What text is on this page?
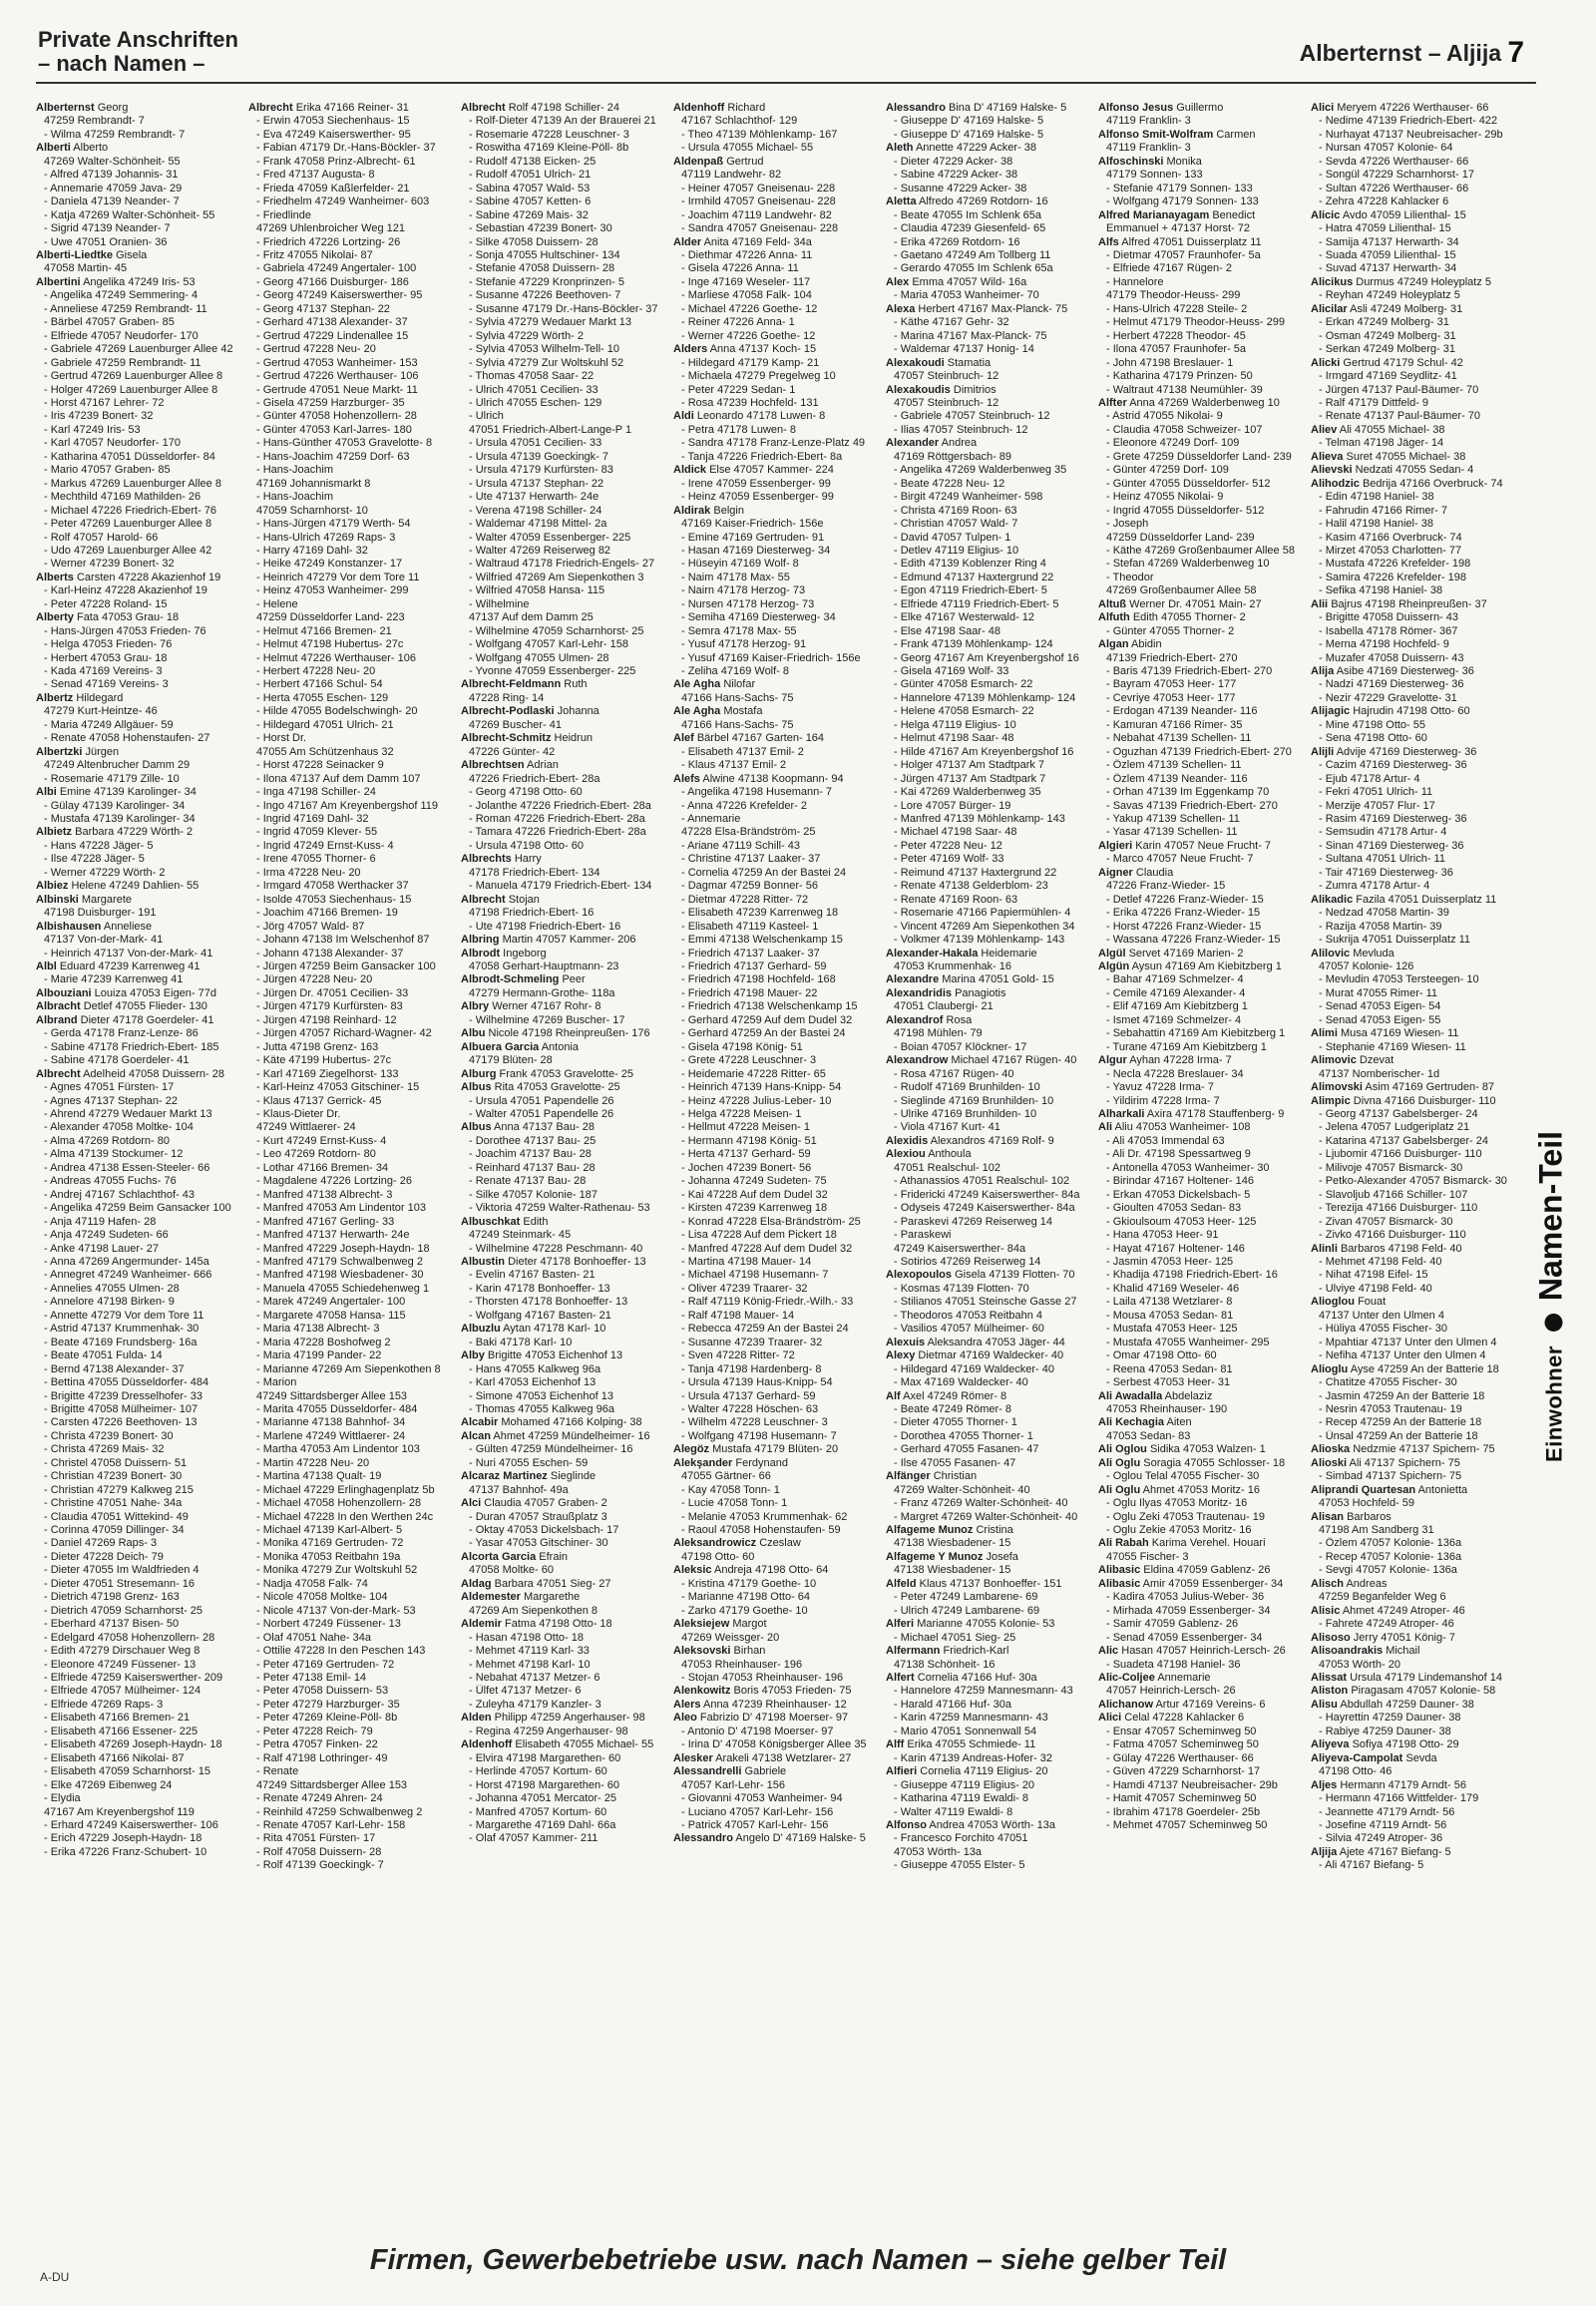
Private Anschriften
– nach Namen –	Alberternst – Aljija 7
Alberternst Georg
47259 Rembrandt- 7
- Wilma 47259 Rembrandt- 7
Alberti Alberto
47269 Walter-Schönheit- 55
- Alfred 47139 Johannis- 31
- Annemarie 47059 Java- 29
- Daniela 47139 Neander- 7
- Katja 47269 Walter-Schönheit- 55
- Sigrid 47139 Neander- 7
- Uwe 47051 Oranien- 36
Alberti-Liedtke Gisela
47058 Martin- 45
Albertini Angelika 47249 Iris- 53
- Angelika 47249 Semmering- 4
- Anneliese 47259 Rembrandt- 11
- Bärbel 47057 Graben- 85
- Elfriede 47057 Neudorfer- 170
- Gabriele 47269 Lauenburger Allee 42
- Gabriele 47259 Rembrandt- 11
- Gertrud 47269 Lauenburger Allee 8
- Holger 47269 Lauenburger Allee 8
- Horst 47167 Lehrer- 72
- Iris 47239 Bonert- 32
- Karl 47249 Iris- 53
- Karl 47057 Neudorfer- 170
- Katharina 47051 Düsseldorfer- 84
- Mario 47057 Graben- 85
- Markus 47269 Lauenburger Allee 8
- Mechthild 47169 Mathilden- 26
- Michael 47226 Friedrich-Ebert- 76
- Peter 47269 Lauenburger Allee 8
- Rolf 47057 Harold- 66
- Udo 47269 Lauenburger Allee 42
- Werner 47239 Bonert- 32
Alberts Carsten 47228 Akazienhof 19
- Karl-Heinz 47228 Akazienhof 19
- Peter 47228 Roland- 15
Alberty Fata 47053 Grau- 18
- Hans-Jürgen 47053 Frieden- 76
- Helga 47053 Frieden- 76
- Herbert 47053 Grau- 18
- Kada 47169 Vereins- 3
- Senad 47169 Vereins- 3
Albertz Hildegard
47279 Kurt-Heintze- 46
- Maria 47249 Allgäuer- 59
- Renate 47058 Hohenstaufen- 27
Albertzki Jürgen
47249 Altenbrucher Damm 29
- Rosemarie 47179 Zille- 10
Albi Emine 47139 Karolinger- 34
- Gülay 47139 Karolinger- 34
- Mustafa 47139 Karolinger- 34
Albietz Barbara 47229 Wörth- 2
- Hans 47228 Jäger- 5
- Ilse 47228 Jäger- 5
- Werner 47229 Wörth- 2
Albiez Helene 47249 Dahlien- 55
Albinski Margarete
47198 Duisburger- 191
Albishausen Anneliese
47137 Von-der-Mark- 41
- Heinrich 47137 Von-der-Mark- 41
Albl Eduard 47239 Karrenweg 41
- Marie 47239 Karrenweg 41
Albouziani Louiza 47053 Eigen- 77d
Albracht Detlef 47055 Flieder- 130
Albrand Dieter 47178 Goerdeler- 41
- Gerda 47178 Franz-Lenze- 86
- Sabine 47178 Friedrich-Ebert- 185
- Sabine 47178 Goerdeler- 41
Albrecht Adelheid 47058 Duissern- 28
- Agnes 47051 Fürsten- 17
- Agnes 47137 Stephan- 22
- Ahrend 47279 Wedauer Markt 13
- Alexander 47058 Moltke- 104
- Alma 47269 Rotdorn- 80
- Alma 47139 Stockumer- 12
- Andrea 47138 Essen-Steeler- 66
- Andreas 47055 Fuchs- 76
- Andrej 47167 Schlachthof- 43
- Angelika 47259 Beim Gansacker 100
- Anja 47119 Hafen- 28
- Anja 47249 Sudeten- 66
- Anke 47198 Lauer- 27
- Anna 47269 Angermunder- 145a
- Annegret 47249 Wanheimer- 666
- Annelies 47055 Ulmen- 28
- Annelore 47198 Birken- 9
- Annette 47279 Vor dem Tore 11
- Astrid 47137 Krummenhak- 30
- Beate 47169 Frundsberg- 16a
- Beate 47051 Fulda- 14
- Bernd 47138 Alexander- 37
- Bettina 47055 Düsseldorfer- 484
- Brigitte 47239 Dresselhofer- 33
- Brigitte 47058 Mülheimer- 107
- Carsten 47226 Beethoven- 13
- Christa 47239 Bonert- 30
- Christa 47269 Mais- 32
- Christel 47058 Duissern- 51
- Christian 47239 Bonert- 30
- Christian 47279 Kalkweg 215
- Christine 47051 Nahe- 34a
- Claudia 47051 Wittekind- 49
- Corinna 47059 Dillinger- 34
- Daniel 47269 Raps- 3
- Dieter 47228 Deich- 79
- Dieter 47055 Im Waldfrieden 4
- Dieter 47051 Stresemann- 16
- Dietrich 47198 Grenz- 163
- Dietrich 47059 Scharnhorst- 25
- Eberhard 47137 Bisen- 50
- Edelgard 47058 Hohenzollern- 28
- Edith 47279 Dirschauer Weg 8
- Eleonore 47249 Füssener- 13
- Elfriede 47259 Kaiserswerther- 209
- Elfriede 47057 Mülheimer- 124
- Elfriede 47269 Raps- 3
- Elisabeth 47166 Bremen- 21
- Elisabeth 47166 Essener- 225
- Elisabeth 47269 Joseph-Haydn- 18
- Elisabeth 47166 Nikolai- 87
- Elisabeth 47059 Scharnhorst- 15
- Elke 47269 Eibenweg 24
- Elydia
47167 Am Kreyenbergshof 119
- Erhard 47249 Kaiserswerther- 106
- Erich 47229 Joseph-Haydn- 18
- Erika 47226 Franz-Schubert- 10
Albrecht Erika 47166 Reiner- 31
- Erwin 47053 Siechenhaus- 15
- Eva 47249 Kaiserswerther- 95
- Fabian 47179 Dr.-Hans-Böckler- 37
- Frank 47058 Prinz-Albrecht- 61
- Fred 47137 Augusta- 8
- Frieda 47059 Kaßlerfelder- 21
- Friedhelm 47249 Wanheimer- 603
- Friedlinde
47269 Uhlenbroicher Weg 121
- Friedrich 47226 Lortzing- 26
- Fritz 47055 Nikolai- 87
- Gabriela 47249 Angertaler- 100
- Georg 47166 Duisburger- 186
- Georg 47249 Kaiserswerther- 95
- Georg 47137 Stephan- 22
- Gerhard 47138 Alexander- 37
- Gertrud 47229 Lindenallee 15
- Gertrud 47228 Neu- 20
- Gertrud 47053 Wanheimer- 153
- Gertrud 47226 Werthauser- 106
- Gertrude 47051 Neue Markt- 11
- Gisela 47259 Harzburger- 35
- Günter 47058 Hohenzollern- 28
- Günter 47053 Karl-Jarres- 180
- Hans-Günther 47053 Gravelotte- 8
- Hans-Joachim 47259 Dorf- 63
- Hans-Joachim
47169 Johannismarkt 8
- Hans-Joachim
47059 Scharnhorst- 10
- Hans-Jürgen 47179 Werth- 54
- Hans-Ulrich 47269 Raps- 3
- Harry 47169 Dahl- 32
- Heike 47249 Konstanzer- 17
- Heinrich 47279 Vor dem Tore 11
- Heinz 47053 Wanheimer- 299
- Helene
47259 Düsseldorfer Land- 223
- Helmut 47166 Bremen- 21
- Helmut 47198 Hubertus- 27c
- Helmut 47226 Werthauser- 106
- Herbert 47228 Neu- 20
- Herbert 47166 Schul- 54
- Herta 47055 Eschen- 129
- Hilde 47055 Bodelschwingh- 20
- Hildegard 47051 Ulrich- 21
- Horst Dr.
47055 Am Schützenhaus 32
- Horst 47228 Seinacker 9
- Ilona 47137 Auf dem Damm 107
- Inga 47198 Schiller- 24
- Ingo 47167 Am Kreyenbergshof 119
- Ingrid 47169 Dahl- 32
- Ingrid 47059 Klever- 55
- Ingrid 47249 Ernst-Kuss- 4
- Irene 47055 Thorner- 6
- Irma 47228 Neu- 20
- Irmgard 47058 Werthacker 37
- Isolde 47053 Siechenhaus- 15
- Joachim 47166 Bremen- 19
- Jörg 47057 Wald- 87
- Johann 47138 Im Welschenhof 87
- Johann 47138 Alexander- 37
- Jürgen 47259 Beim Gansacker 100
- Jürgen 47228 Neu- 20
- Jürgen Dr. 47051 Cecilien- 33
- Jürgen 47179 Kurfürsten- 83
- Jürgen 47198 Reinhard- 12
- Jürgen 47057 Richard-Wagner- 42
- Jutta 47198 Grenz- 163
- Käte 47199 Hubertus- 27c
- Karl 47169 Ziegelhorst- 133
- Karl-Heinz 47053 Gitschiner- 15
- Klaus 47137 Gerrick- 45
- Klaus-Dieter Dr.
47249 Wittlaerer- 24
- Kurt 47249 Ernst-Kuss- 4
- Leo 47269 Rotdorn- 80
- Lothar 47166 Bremen- 34
- Magdalene 47226 Lortzing- 26
- Manfred 47138 Albrecht- 3
- Manfred 47053 Am Lindentor 103
- Manfred 47167 Gerling- 33
- Manfred 47137 Herwarth- 24e
- Manfred 47229 Joseph-Haydn- 18
- Manfred 47179 Schwalbenweg 2
- Manfred 47198 Wiesbadener- 30
- Manuela 47055 Schiedehenweg 1
- Marek 47249 Angertaler- 100
- Margarete 47058 Hansa- 115
- Maria 47138 Albrecht- 3
- Maria 47228 Boshofweg 2
- Maria 47199 Pander- 22
- Marianne 47269 Am Siepenkothen 8
- Marion
47249 Sittardsberger Allee 153
- Marita 47055 Düsseldorfer- 484
- Marianne 47138 Bahnhof- 34
- Marlene 47249 Wittlaerer- 24
- Martha 47053 Am Lindentor 103
- Martin 47228 Neu- 20
- Martina 47138 Qualt- 19
- Michael 47229 Erlinghagenplatz 5b
- Michael 47058 Hohenzollern- 28
- Michael 47228 In den Werthen 24c
- Michael 47139 Karl-Albert- 5
- Monika 47169 Gertruden- 72
- Monika 47053 Reitbahn 19a
- Monika 47279 Zur Woltskuhl 52
- Nadja 47058 Falk- 74
- Nicole 47058 Moltke- 104
- Nicole 47137 Von-der-Mark- 53
- Norbert 47249 Füssener- 13
- Olaf 47051 Nahe- 34a
- Ottilie 47228 In den Peschen 143
- Peter 47169 Gertruden- 72
- Peter 47138 Emil- 14
- Peter 47058 Duissern- 53
- Peter 47279 Harzburger- 35
- Peter 47269 Kleine-Pöll- 8b
- Peter 47228 Reich- 79
- Petra 47057 Finken- 22
- Ralf 47198 Lothringer- 49
- Renate
47249 Sittardsberger Allee 153
- Renate 47249 Ahren- 24
- Reinhild 47259 Schwalbenweg 2
- Renate 47057 Karl-Lehr- 158
- Rita 47051 Fürsten- 17
- Rolf 47058 Duissern- 28
- Rolf 47139 Goeckingk- 7
Albrecht Rolf 47198 Schiller- 24
- Rolf-Dieter 47139 An der Brauerei 21
- Rosemarie 47228 Leuschner- 3
- Roswitha 47169 Kleine-Pöll- 8b
- Rudolf 47138 Eicken- 25
- Rudolf 47051 Ulrich- 21
- Sabina 47057 Wald- 53
- Sabine 47057 Ketten- 6
- Sabine 47269 Mais- 32
- Sebastian 47239 Bonert- 30
- Silke 47058 Duissern- 28
- Sonja 47055 Hultschiner- 134
- Stefanie 47058 Duissern- 28
- Stefanie 47229 Kronprinzen- 5
- Susanne 47226 Beethoven- 7
- Susanne 47179 Dr.-Hans-Böckler- 37
- Sylvia 47279 Wedauer Markt 13
- Sylvia 47229 Wörth- 2
- Sylvia 47053 Wilhelm-Tell- 10
- Sylvia 47279 Zur Woltskuhl 52
- Thomas 47058 Saar- 22
- Ulrich 47051 Cecilien- 33
- Ulrich 47055 Eschen- 129
- Ulrich
47051 Friedrich-Albert-Lange-P 1
- Ursula 47051 Cecilien- 33
- Ursula 47139 Goeckingk- 7
- Ursula 47179 Kurfürsten- 83
- Ursula 47137 Stephan- 22
- Ute 47137 Herwarth- 24e
- Verena 47198 Schiller- 24
- Waldemar 47198 Mittel- 2a
- Walter 47059 Essenberger- 225
- Walter 47269 Reiserweg 82
- Waltraud 47178 Friedrich-Engels- 27
- Wilfried 47269 Am Siepenkothen 3
- Wilfried 47058 Hansa- 115
- Wilhelmine
47137 Auf dem Damm 25
- Wilhelmine 47059 Scharnhorst- 25
- Wolfgang 47057 Karl-Lehr- 158
- Wolfgang 47055 Ulmen- 28
- Yvonne 47059 Essenberger- 225
Albrecht-Feldmann Ruth
47228 Ring- 14
Albrecht-Podlaski Johanna
47269 Buscher- 41
Albrecht-Schmitz Heidrun
47226 Günter- 42
Albrechtsen Adrian
47226 Friedrich-Ebert- 28a
- Georg 47198 Otto- 60
- Jolanthe 47226 Friedrich-Ebert- 28a
- Roman 47226 Friedrich-Ebert- 28a
- Tamara 47226 Friedrich-Ebert- 28a
- Ursula 47198 Otto- 60
Albrechts Harry
47178 Friedrich-Ebert- 134
- Manuela 47179 Friedrich-Ebert- 134
Albrecht Stojan
47198 Friedrich-Ebert- 16
- Ute 47198 Friedrich-Ebert- 16
Albring Martin 47057 Kammer- 206
Albrodt Ingeborg
47058 Gerhart-Hauptmann- 23
Albrodt-Schmeling Peer
47279 Hermann-Grothe- 118a
Albry Werner 47167 Rohr- 8
- Wilhelmine 47269 Buscher- 17
Albu Nicole 47198 Rheinpreußen- 176
Albuera Garcia Antonia
47179 Blüten- 28
Alburg Frank 47053 Gravelotte- 25
Albus Rita 47053 Gravelotte- 25
- Ursula 47051 Papendelle 26
- Walter 47051 Papendelle 26
Albus Anna 47137 Bau- 28
- Dorothee 47137 Bau- 25
- Joachim 47137 Bau- 28
- Reinhard 47137 Bau- 28
- Renate 47137 Bau- 28
- Silke 47057 Koloniе- 187
- Viktoria 47259 Walter-Rathenau- 53
Albuschkat Edith
47249 Steinmark- 45
- Wilhelmine 47228 Peschmann- 40
Albustin Dieter 47178 Bonhoeffer- 13
- Evelin 47167 Basten- 21
- Karin 47178 Bonhoeffer- 13
- Thorsten 47178 Bonhoeffer- 13
- Wolfgang 47167 Basten- 21
Albuzlu Aytan 47178 Karl- 10
- Baki 47178 Karl- 10
Alby Brigitte 47053 Eichenhof 13
- Hans 47055 Kalkweg 96a
- Karl 47053 Eichenhof 13
- Simone 47053 Eichenhof 13
- Thomas 47055 Kalkweg 96a
Alcabir Mohamed 47166 Kolping- 38
Alcan Ahmet 47259 Mündelheimer- 16
- Gülten 47259 Mündelheimer- 16
- Nuri 47055 Eschen- 59
Alcaraz Martinez Sieglinde
47137 Bahnhof- 49a
Alci Claudia 47057 Graben- 2
- Duran 47057 Straußplatz 3
- Oktay 47053 Dickelsbach- 17
- Yasar 47053 Gitschiner- 30
Alcorta Garcia Efrain
47058 Moltke- 60
Aldag Barbara 47051 Sieg- 27
Aldemester Margarethe
47269 Am Siepenkothen 8
Aldemir Fatma 47198 Otto- 18
- Hasan 47198 Otto- 18
- Mehmet 47119 Karl- 33
- Mehmet 47198 Karl- 10
- Nebahat 47137 Metzer- 6
- Ülfet 47137 Metzer- 6
- Zuleyha 47179 Kanzler- 3
Alden Philipp 47259 Angerhauser- 98
- Regina 47259 Angerhauser- 98
Aldenhoff Elisabeth 47055 Michael- 55
- Elvira 47198 Margarethen- 60
- Herlinde 47057 Kortum- 60
- Horst 47198 Margarethen- 60
- Johanna 47051 Mercator- 25
- Manfred 47057 Kortum- 60
- Margarethe 47169 Dahl- 66a
- Olaf 47057 Kammer- 211
Aldenhoff Richard
47167 Schlachthof- 129
- Theo 47139 Möhlenkamp- 167
- Ursula 47055 Michael- 55
Aldenpaß Gertrud
47119 Landwehr- 82
- Heiner 47057 Gneisenau- 228
- Irmhild 47057 Gneisenau- 228
- Joachim 47119 Landwehr- 82
- Sandra 47057 Gneisenau- 228
Alder Anita 47169 Feld- 34a
- Diethmar 47226 Anna- 11
- Gisela 47226 Anna- 11
- Inge 47169 Weseler- 117
- Marliese 47058 Falk- 104
- Michael 47226 Goethe- 12
- Reiner 47226 Anna- 1
- Werner 47226 Goethe- 12
Alders Anna 47137 Koch- 15
- Hildegard 47179 Kamp- 21
- Michaela 47279 Pregelweg 10
- Peter 47229 Sedan- 1
- Rosa 47239 Hochfeld- 131
Aldi Leonardo 47178 Luwen- 8
- Petra 47178 Luwen- 8
- Sandra 47178 Franz-Lenze-Platz 49
- Tanja 47226 Friedrich-Ebert- 8a
Aldick Else 47057 Kammer- 224
- Irene 47059 Essenberger- 99
- Heinz 47059 Essenberger- 99
Aldirak Belgin
47169 Kaiser-Friedrich- 156e
- Emine 47169 Gertruden- 91
- Hasan 47169 Diesterweg- 34
- Hüseyin 47169 Wolf- 8
- Naim 47178 Max- 55
- Nairn 47178 Herzog- 73
- Nursen 47178 Herzog- 73
- Semiha 47169 Diesterweg- 34
- Semra 47178 Max- 55
- Yusuf 47178 Herzog- 91
- Yusuf 47169 Kaiser-Friedrich- 156e
- Zeliha 47169 Wolf- 8
Ale Agha Nilofar
47166 Hans-Sachs- 75
Ale Agha Mostafa
47166 Hans-Sachs- 75
Alef Bärbel 47167 Garten- 164
- Elisabeth 47137 Emil- 2
- Klaus 47137 Emil- 2
Alefs Alwine 47138 Koopmann- 94
- Angelika 47198 Husemann- 7
- Anna 47226 Krefelder- 2
- Annemarie
47228 Elsa-Brändström- 25
- Ariane 47119 Schill- 43
- Christine 47137 Laaker- 37
- Cornelia 47259 An der Bastei 24
- Dagmar 47259 Bonner- 56
- Dietmar 47228 Ritter- 72
- Elisabeth 47239 Karrenweg 18
- Elisabeth 47119 Kasteel- 1
- Emmi 47138 Welschenkamp 15
- Friedrich 47137 Laaker- 37
- Friedrich 47137 Gerhard- 59
- Friedrich 47198 Hochfeld- 168
- Friedrich 47198 Mauer- 22
- Friedrich 47138 Welschenkamp 15
- Gerhard 47259 Auf dem Dudel 32
- Gerhard 47259 An der Bastei 24
- Gisela 47198 König- 51
- Grete 47228 Leuschner- 3
- Heidemarie 47228 Ritter- 65
- Heinrich 47139 Hans-Knipp- 54
- Heinz 47228 Julius-Leber- 10
- Helga 47228 Meisen- 1
- Hellmut 47228 Meisen- 1
- Hermann 47198 König- 51
- Herta 47137 Gerhard- 59
- Jochen 47239 Bonert- 56
- Johanna 47249 Sudeten- 75
- Kai 47228 Auf dem Dudel 32
- Kirsten 47239 Karrenweg 18
- Konrad 47228 Elsa-Brändström- 25
- Lisa 47228 Auf dem Pickert 18
- Manfred 47228 Auf dem Dudel 32
- Martina 47198 Mauer- 14
- Michael 47198 Husemann- 7
- Oliver 47239 Traarer- 32
- Ralf 47119 König-Friedr.-Wilh.- 33
- Ralf 47198 Mauer- 14
- Rebecca 47259 An der Bastei 24
- Susanne 47239 Traarer- 32
- Sven 47228 Ritter- 72
- Tanja 47198 Hardenberg- 8
- Ursula 47139 Haus-Knipp- 54
- Ursula 47137 Gerhard- 59
- Walter 47228 Höschen- 63
- Wilhelm 47228 Leuschner- 3
- Wolfgang 47198 Husemann- 7
Alegöz Mustafa 47179 Blüten- 20
Alekşander Ferdynand
47055 Gärtner- 66
- Kay 47058 Tonn- 1
- Lucie 47058 Tonn- 1
- Melanie 47053 Krummenhak- 62
- Raoul 47058 Hohenstaufen- 59
Aleksandrowicz Czeslaw
47198 Otto- 60
Aleksic Andreja 47198 Otto- 64
- Kristina 47179 Goethe- 10
- Marianne 47198 Otto- 64
- Zarko 47179 Goethe- 10
Aleksiejew Margot
47269 Weissger- 20
Aleksovski Birhan
47053 Rheinhauser- 196
- Stojan 47053 Rheinhauser- 196
Alenkowitz Boris 47053 Frieden- 75
Alers Anna 47239 Rheinhauser- 12
Aleo Fabrizio D' 47198 Moerser- 97
- Antonio D' 47198 Moerser- 97
- Irina D' 47058 Königsberger Allee 35
Alesker Arakeli 47138 Wetzlarer- 27
Alessandrelli Gabriele
47057 Karl-Lehr- 156
- Giovanni 47053 Wanheimer- 94
- Luciano 47057 Karl-Lehr- 156
- Patrick 47057 Karl-Lehr- 156
Alessandro Angelo D' 47169 Halske- 5
Alessandro Bina D' 47169 Halske- 5
- Giuseppe D' 47169 Halske- 5
- Giuseppe D' 47169 Halske- 5
Aleth Annette 47229 Acker- 38
- Dieter 47229 Acker- 38
- Sabine 47229 Acker- 38
- Susanne 47229 Acker- 38
Aletta Alfredo 47269 Rotdorn- 16
- Beate 47055 Im Schlenk 65a
- Claudia 47239 Giesenfeld- 65
- Erika 47269 Rotdorn- 16
- Gaetano 47249 Am Tollberg 11
- Gerardo 47055 Im Schlenk 65a
Alex Emma 47057 Wild- 16a
- Maria 47053 Wanheimer- 70
Alexa Herbert 47167 Max-Planck- 75
- Käthe 47167 Gehr- 32
- Marina 47167 Max-Planck- 75
- Waldemar 47137 Honig- 14
Alexakoudi Stamatia
47057 Steinbruch- 12
Alexakoudis Dimitrios
47057 Steinbruch- 12
- Gabriele 47057 Steinbruch- 12
- Ilias 47057 Steinbruch- 12
Alexander Andrea
47169 Röttgersbach- 89
- Angelika 47269 Walderbenweg 35
- Beate 47228 Neu- 12
- Birgit 47249 Wanheimer- 598
- Christa 47169 Roon- 63
- Christian 47057 Wald- 7
- David 47057 Tulpen- 1
- Detlev 47119 Eligius- 10
- Edith 47139 Koblenzer Ring 4
- Edmund 47137 Haxtergrund 22
- Egon 47119 Friedrich-Ebert- 5
- Elfriede 47119 Friedrich-Ebert- 5
- Elke 47167 Westerwald- 12
- Else 47198 Saar- 48
- Frank 47139 Möhlenkamp- 124
- Georg 47167 Am Kreyenbergshof 16
- Gisela 47169 Wolf- 33
- Günter 47058 Esmarch- 22
- Hannelore 47139 Möhlenkamp- 124
- Helene 47058 Esmarch- 22
- Helga 47119 Eligius- 10
- Helmut 47198 Saar- 48
- Hilde 47167 Am Kreyenbergshof 16
- Holger 47137 Am Stadtpark 7
- Jürgen 47137 Am Stadtpark 7
- Kai 47269 Walderbenweg 35
- Lore 47057 Bürger- 19
- Manfred 47139 Möhlenkamp- 143
- Michael 47198 Saar- 48
- Peter 47228 Neu- 12
- Peter 47169 Wolf- 33
- Reimund 47137 Haxtergrund 22
- Renate 47138 Gelderblom- 23
- Renate 47169 Roon- 63
- Rosemarie 47166 Papiermühlen- 4
- Vincent 47269 Am Siepenkothen 34
- Volkmer 47139 Möhlenkamp- 143
Alexander-Hakala Heidemarie
47053 Krummenhak- 16
Alexandre Marina 47051 Gold- 15
Alexandridis Panagiotis
47051 Claubergi- 21
Alexandrof Rosa
47198 Mühlen- 79
- Boian 47057 Klöckner- 17
Alexandrow Michael 47167 Rügen- 40
- Rosa 47167 Rügen- 40
- Rudolf 47169 Brunhilden- 10
- Sieglinde 47169 Brunhilden- 10
- Ulrike 47169 Brunhilden- 10
- Viola 47167 Kurt- 41
Alexidis Alexandros 47169 Rolf- 9
Alexiou Anthoula
47051 Realschul- 102
- Athanassios 47051 Realschul- 102
- Fridericki 47249 Kaiserswerther- 84a
- Odyseis 47249 Kaiserswerther- 84a
- Paraskevi 47269 Reiserweg 14
- Paraskewi
47249 Kaiserswerther- 84a
- Sotirios 47269 Reiserweg 14
Alexopoulos Gisela 47139 Flotten- 70
- Kosmas 47139 Flotten- 70
- Stilianos 47051 Steinsche Gasse 27
- Theodoros 47053 Reitbahn 4
- Vasilios 47057 Mülheimer- 60
Alexuis Aleksandra 47053 Jäger- 44
Alexy Dietmar 47169 Waldecker- 40
- Hildegard 47169 Waldecker- 40
- Max 47169 Waldecker- 40
Alf Axel 47249 Römer- 8
- Beate 47249 Römer- 8
- Dieter 47055 Thorner- 1
- Dorothea 47055 Thorner- 1
- Gerhard 47055 Fasanen- 47
- Ilse 47055 Fasanen- 47
Alfänger Christian
47269 Walter-Schönheit- 40
- Franz 47269 Walter-Schönheit- 40
- Margret 47269 Walter-Schönheit- 40
Alfageme Munoz Cristina
47138 Wiesbadener- 15
Alfageme Y Munoz Josefa
47138 Wiesbadener- 15
Alfeld Klaus 47137 Bonhoeffer- 151
- Peter 47249 Lambarene- 69
- Ulrich 47249 Lambarene- 69
Alferi Marianne 47055 Kolonie- 53
- Michael 47051 Sieg- 25
Alfermann Friedrich-Karl
47138 Schönheit- 16
Alfert Cornelia 47166 Huf- 30a
- Hannelore 47259 Mannesmann- 43
- Harald 47166 Huf- 30a
- Karin 47259 Mannesmann- 43
- Mario 47051 Sonnenwall 54
Alff Erika 47055 Schmiede- 11
- Karin 47139 Andreas-Hofer- 32
Alfieri Cornelia 47119 Eligius- 20
- Giuseppe 47119 Eligius- 20
- Katharina 47119 Ewaldi- 8
- Walter 47119 Ewaldi- 8
Alfonso Andrea 47053 Wörth- 13a
- Francesco Forchito 47051
47053 Wörth- 13a
- Giuseppe 47055 Elster- 5
Alfonso Jesus Guillermo
47119 Franklin- 3
Alfonso Smit-Wolfram Carmen
47119 Franklin- 3
Alfoschinski Monika
47179 Sonnen- 133
- Stefanie 47179 Sonnen- 133
- Wolfgang 47179 Sonnen- 133
Alfred Marianayagam Benedict
Emmanuel + 47137 Horst- 72
Alfs Alfred 47051 Duisserplatz 11
- Dietmar 47057 Fraunhofer- 5a
- Elfriede 47167 Rügen- 2
- Hannelore
47179 Theodor-Heuss- 299
- Hans-Ulrich 47228 Steile- 2
- Helmut 47179 Theodor-Heuss- 299
- Herbert 47228 Theodor- 45
- Ilona 47057 Fraunhofer- 5a
- John 47198 Breslauer- 1
- Katharina 47179 Prinzen- 50
- Waltraut 47138 Neumühler- 39
Alfter Anna 47269 Walderbenweg 10
- Astrid 47055 Nikolai- 9
- Claudia 47058 Schweizer- 107
- Eleonore 47249 Dorf- 109
- Grete 47259 Düsseldorfer Land- 239
- Günter 47259 Dorf- 109
- Günter 47055 Düsseldorfer- 512
- Heinz 47055 Nikolai- 9
- Ingrid 47055 Düsseldorfer- 512
- Joseph
47259 Düsseldorfer Land- 239
- Käthe 47269 Großenbaumer Allee 58
- Stefan 47269 Walderbenweg 10
- Theodor
47269 Großenbaumer Allee 58
Altuß Werner Dr. 47051 Main- 27
Alfuth Edith 47055 Thorner- 2
- Günter 47055 Thorner- 2
Algan Abidin
47139 Friedrich-Ebert- 270
- Baris 47139 Friedrich-Ebert- 270
- Bayram 47053 Heer- 177
- Cevriye 47053 Heer- 177
- Erdogan 47139 Neander- 116
- Kamuran 47166 Rimer- 35
- Nebahat 47139 Schellen- 11
- Oguzhan 47139 Friedrich-Ebert- 270
- Özlem 47139 Schellen- 11
- Özlem 47139 Neander- 116
- Orhan 47139 Im Eggenkamp 70
- Savas 47139 Friedrich-Ebert- 270
- Yakup 47139 Schellen- 11
- Yasar 47139 Schellen- 11
Algieri Karin 47057 Neue Frucht- 7
- Marco 47057 Neue Frucht- 7
Aigner Claudia
47226 Franz-Wieder- 15
- Detlef 47226 Franz-Wieder- 15
- Erika 47226 Franz-Wieder- 15
- Horst 47226 Franz-Wieder- 15
- Wassana 47226 Franz-Wieder- 15
Algül Servet 47169 Marien- 2
Algün Aysun 47169 Am Kiebitzberg 1
- Bahar 47169 Schmelzer- 4
- Cemile 47169 Alexander- 4
- Elif 47169 Am Kiebitzberg 1
- Ismet 47169 Schmelzer- 4
- Sebahattin 47169 Am Kiebitzberg 1
- Turane 47169 Am Kiebitzberg 1
Algur Ayhan 47228 Irma- 7
- Necla 47228 Breslauer- 34
- Yavuz 47228 Irma- 7
- Yildirim 47228 Irma- 7
Alharkali Axira 47178 Stauffenberg- 9
Ali Aliu 47053 Wanheimer- 108
- Ali 47053 Immendal 63
- Ali Dr. 47198 Spessartweg 9
- Antonella 47053 Wanheimer- 30
- Birindar 47167 Holtener- 146
- Erkan 47053 Dickelsbach- 5
- Gioulten 47053 Sedan- 83
- Gkioulsoum 47053 Heer- 125
- Hana 47053 Heer- 91
- Hayat 47167 Holtener- 146
- Jasmin 47053 Heer- 125
- Khadija 47198 Friedrich-Ebert- 16
- Khalid 47169 Weseler- 46
- Laila 47138 Wetzlarer- 8
- Mousa 47053 Sedan- 81
- Mustafa 47053 Heer- 125
- Mustafa 47055 Wanheimer- 295
- Omar 47198 Otto- 60
- Reena 47053 Sedan- 81
- Serbest 47053 Heer- 31
Ali Awadalla Abdelaziz
47053 Rheinhauser- 190
Ali Kechagia Aiten
47053 Sedan- 83
Ali Oglou Sidikа 47053 Walzen- 1
Ali Oglu Soragia 47055 Schlosser- 18
- Oglou Telal 47055 Fischer- 30
Ali Oglu Ahmet 47053 Moritz- 16
- Oglu Ilyas 47053 Moritz- 16
- Oglu Zeki 47053 Trautenau- 19
- Oglu Zekie 47053 Moritz- 16
Ali Rabah Karima Verehel. Houari
47055 Fischer- 3
Alibasic Eldina 47059 Gablenz- 26
Alibasic Amir 47059 Essenberger- 34
- Kadira 47053 Julius-Weber- 36
- Mirhada 47059 Essenberger- 34
- Samir 47059 Gablenz- 26
- Senad 47059 Essenberger- 34
Alic Hasan 47057 Heinrich-Lersch- 26
- Suadeta 47198 Haniel- 36
Alic-Coljee Annemarie
47057 Heinrich-Lersch- 26
Alichanow Artur 47169 Vereins- 6
Alici Celal 47228 Kahlacker 6
- Ensar 47057 Scheminweg 50
- Fatma 47057 Scheminweg 50
- Gülay 47226 Werthauser- 66
- Güven 47229 Scharnhorst- 17
- Hamdi 47137 Neubreisacher- 29b
- Hamit 47057 Scheminweg 50
- Ibrahim 47178 Goerdeler- 25b
- Mehmet 47057 Scheminweg 50
Alici Meryem 47226 Werthauser- 66
- Nedime 47139 Friedrich-Ebert- 422
- Nurhayat 47137 Neubreisacher- 29b
- Nursan 47057 Kolonie- 64
- Sevda 47226 Werthauser- 66
- Songül 47229 Scharnhorst- 17
- Sultan 47226 Werthauser- 66
- Zehra 47228 Kahlacker 6
Alicic Avdo 47059 Lilienthal- 15
- Hatra 47059 Lilienthal- 15
- Samija 47137 Herwarth- 34
- Suada 47059 Lilienthal- 15
- Suvad 47137 Herwarth- 34
Alicikus Durmus 47249 Holeyplatz 5
- Reyhan 47249 Holeyplatz 5
Alicilar Asli 47249 Molberg- 31
- Erkan 47249 Molberg- 31
- Osman 47249 Molberg- 31
- Serkan 47249 Molberg- 31
Alicki Gertrud 47179 Schul- 42
- Irmgard 47169 Seydlitz- 41
- Jürgen 47137 Paul-Bäumer- 70
- Ralf 47179 Dittfeld- 9
- Renate 47137 Paul-Bäumer- 70
Aliev Ali 47055 Michael- 38
- Telman 47198 Jäger- 14
Alieva Suret 47055 Michael- 38
Alievski Nedzati 47055 Sedan- 4
Alihodzic Bedrija 47166 Overbruck- 74
- Edin 47198 Haniel- 38
- Fahrudin 47166 Rimer- 7
- Halil 47198 Haniel- 38
- Kasim 47166 Overbruck- 74
- Mirzet 47053 Charlotten- 77
- Mustafa 47226 Krefelder- 198
- Samira 47226 Krefelder- 198
- Sefika 47198 Haniel- 38
Alii Bajrus 47198 Rheinpreußen- 37
- Brigitte 47058 Duissern- 43
- Isabella 47178 Römer- 367
- Merna 47198 Hochfeld- 9
- Muzafer 47058 Duissern- 43
Alija Asibe 47169 Diesterweg- 36
- Nadzi 47169 Diesterweg- 36
- Nezir 47229 Gravelotte- 31
Alijagic Hajrudin 47198 Otto- 60
- Mine 47198 Otto- 55
- Sena 47198 Otto- 60
Alijli Advije 47169 Diesterweg- 36
- Cazim 47169 Diesterweg- 36
- Ejub 47178 Artur- 4
- Fekri 47051 Ulrich- 11
- Merzije 47057 Flur- 17
- Rasim 47169 Diesterweg- 36
- Semsudin 47178 Artur- 4
- Sinan 47169 Diesterweg- 36
- Sultana 47051 Ulrich- 11
- Tair 47169 Diesterweg- 36
- Zumra 47178 Artur- 4
Alikadic Fazila 47051 Duisserplatz 11
- Nedzad 47058 Martin- 39
- Razija 47058 Martin- 39
- Sukrija 47051 Duisserplatz 11
Alilovic Mevluda
47057 Kolonie- 126
- Mevludin 47053 Tersteegen- 10
- Murat 47055 Rimer- 11
- Senad 47053 Eigen- 54
- Senad 47053 Eigen- 55
Alimi Musa 47169 Wiesen- 11
- Stephanie 47169 Wiesen- 11
Alimovic Dzevat
47137 Nomberischer- 1d
Alimovski Asim 47169 Gertruden- 87
Alimpic Divna 47166 Duisburger- 110
- Georg 47137 Gabelsberger- 24
- Jelena 47057 Ludgeriplatz 21
- Katarina 47137 Gabelsberger- 24
- Ljubomir 47166 Duisburger- 110
- Milivoje 47057 Bismarck- 30
- Petko-Alexander 47057 Bismarck- 30
- Slavoljub 47166 Schiller- 107
- Terezija 47166 Duisburger- 110
- Zivan 47057 Bismarck- 30
- Zivko 47166 Duisburger- 110
Alinli Barbaros 47198 Feld- 40
- Mehmet 47198 Feld- 40
- Nihat 47198 Eifel- 15
- Ulviye 47198 Feld- 40
Alioglou Fouat
47137 Unter den Ulmen 4
- Hüliya 47055 Fischer- 30
- Mpahtiar 47137 Unter den Ulmen 4
- Nefiha 47137 Unter den Ulmen 4
Alioglu Ayse 47259 An der Batterie 18
- Chatitze 47055 Fischer- 30
- Jasmin 47259 An der Batterie 18
- Nesrin 47053 Trautenau- 19
- Recep 47259 An der Batterie 18
- Ünsal 47259 An der Batterie 18
Alioska Nedzmie 47137 Spichern- 75
Alioski Ali 47137 Spichern- 75
- Simbad 47137 Spichern- 75
Aliprandi Quartesan Antonietta
47053 Hochfeld- 59
Alisan Barbaros
47198 Am Sandberg 31
- Özlem 47057 Kolonie- 136a
- Recep 47057 Kolonie- 136a
- Sevgi 47057 Kolonie- 136a
Alisch Andreas
47259 Beganfelder Weg 6
Alisic Ahmet 47249 Atroper- 46
- Fahrete 47249 Atroper- 46
Alisoso Jerry 47051 König- 7
Alisoandrakis Michail
47053 Wörth- 20
Alissat Ursula 47179 Lindemanshof 14
Aliston Piragasam 47057 Kolonie- 58
Alisu Abdullah 47259 Dauner- 38
- Hayrettin 47259 Dauner- 38
- Rabiye 47259 Dauner- 38
Aliyeva Sofiya 47198 Otto- 29
Aliyeva-Campolat Sevda
47198 Otto- 46
Aljes Hermann 47179 Arndt- 56
- Hermann 47166 Wittfelder- 179
- Jeannette 47179 Arndt- 56
- Josefine 47119 Arndt- 56
- Silvia 47249 Atroper- 36
Aljija Ajete 47167 Biefang- 5
- Ali 47167 Biefang- 5
Einwohner  Namen-Teil
A-DU
Firmen, Gewerbebetriebe usw. nach Namen – siehe gelber Teil
